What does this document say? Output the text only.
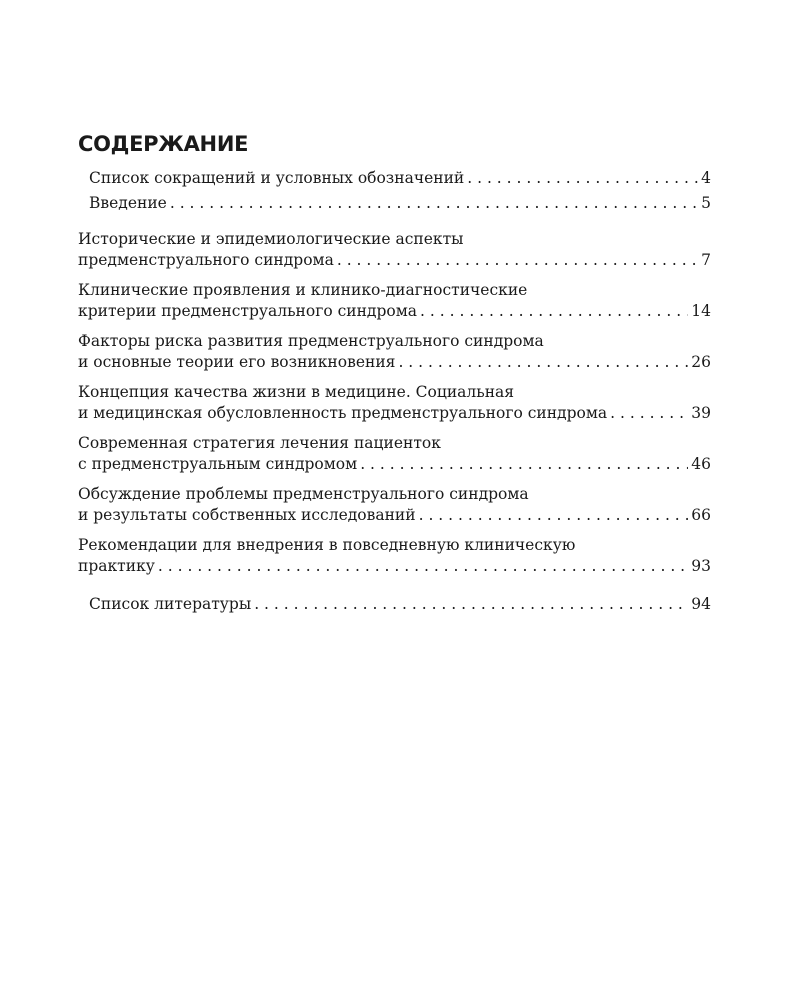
СОДЕРЖАНИЕ
Список сокращений и условных обозначений . . .	4
Введение . . .	5
Исторические и эпидемиологические аспекты
предменструального синдрома . . .	7
Клинические проявления и клинико-диагностические
критерии предменструального синдрома . . .	14
Факторы риска развития предменструального синдрома
и основные теории его возникновения . . .	26
Концепция качества жизни в медицине. Социальная
и медицинская обусловленность предменструального синдрома . . .	39
Современная стратегия лечения пациенток
с предменструальным синдромом . . .	46
Обсуждение проблемы предменструального синдрома
и результаты собственных исследований . . .	66
Рекомендации для внедрения в повседневную клиническую
практику . . .	93
Список литературы . . .	94
